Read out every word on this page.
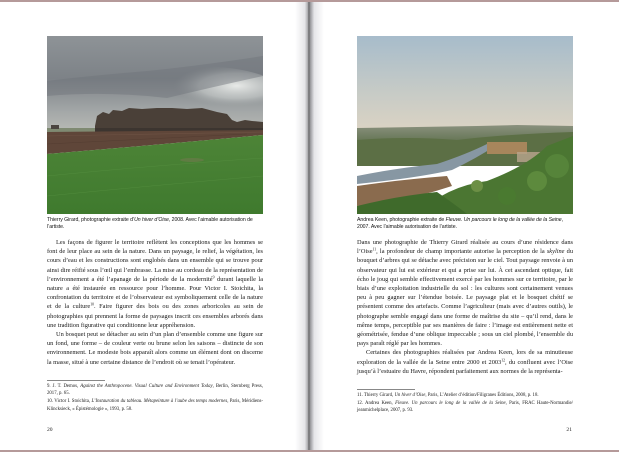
Thierry Girard, photographie extraite d’Un hiver d’Oise, 2008. Avec l’aimable autorisation de l’artiste.

Les façons de figurer le territoire reflètent les conceptions que les hommes se font de leur place au sein de la nature. Dans un paysage, le relief, la végétation, les cours d’eau et les constructions sont englobés dans un ensemble qui se trouve pour ainsi dire réifié sous l’œil qui l’embrasse. La mise au cordeau de la représentation de l’environnement a été l’apanage de la période de la modernité$^9$ durant laquelle la nature a été instaurée en ressource pour l’homme. Pour Victor I. Stoichita, la confrontation du territoire et de l’observateur est symboliquement celle de la nature et de la culture$^{10}$. Faire figurer des bois ou des zones arboricoles au sein de photographies qui prennent la forme de paysages inscrit ces ensembles arborés dans une tradition figurative qui conditionne leur appréhension.

Un bosquet peut se détacher au sein d’un plan d’ensemble comme une figure sur un fond, une forme – de couleur verte ou brune selon les saisons – distincte de son environnement. Le modeste bois apparaît alors comme un élément dont on discerne la masse, situé à une certaine distance de l’endroit où se tenait l’opérateur.

9. J. T. Demos, Against the Anthropocene. Visual Culture and Environment Today, Berlin, Sternberg Press, 2017, p. 65.

10. Victor I. Stoichita, L’Instauration du tableau. Métapeinture à l’aube des temps modernes, Paris, Méridiens-Klincksieck, « Épistémologie », 1993, p. 58.

20
Andrea Keen, photographie extraite de Fleuve. Un parcours le long de la vallée de la Seine, 2007. Avec l’aimable autorisation de l’artiste.

Dans une photographie de Thierry Girard réalisée au cours d’une résidence dans l’Oise$^{11}$, la profondeur de champ importante autorise la perception de la skyline du bouquet d’arbres qui se détache avec précision sur le ciel. Tout paysage renvoie à un observateur qui lui est extérieur et qui a prise sur lui. À cet ascendant optique, fait écho le joug qui semble effectivement exercé par les hommes sur ce territoire, par le biais d’une exploitation industrielle du sol : les cultures sont certainement venues peu à peu gagner sur l’étendue boisée. Le paysage plat et le bosquet chétif se présentent comme des artefacts. Comme l’agriculteur (mais avec d’autres outils), le photographe semble engagé dans une forme de maîtrise du site – qu’il rend, dans le même temps, perceptible par ses manières de faire : l’image est entièrement nette et géométrisée, fendue d’une oblique impeccable ; sous un ciel plombé, l’ensemble du pays paraît réglé par les hommes.

Certaines des photographies réalisées par Andrea Keen, lors de sa minutieuse exploration de la vallée de la Seine entre 2000 et 2003$^{12}$, du confluent avec l’Oise jusqu’à l’estuaire du Havre, répondent parfaitement aux normes de la représenta-

11. Thierry Girard, Un hiver d’Oise, Paris, L’Atelier d’édition/Filigranes Éditions, 2008, p. 18.

12. Andrea Keen, Fleuve. Un parcours le long de la vallée de la Seine, Paris, FRAC Haute-Normandie/ jeanmichelplace, 2007, p. 93.

21
